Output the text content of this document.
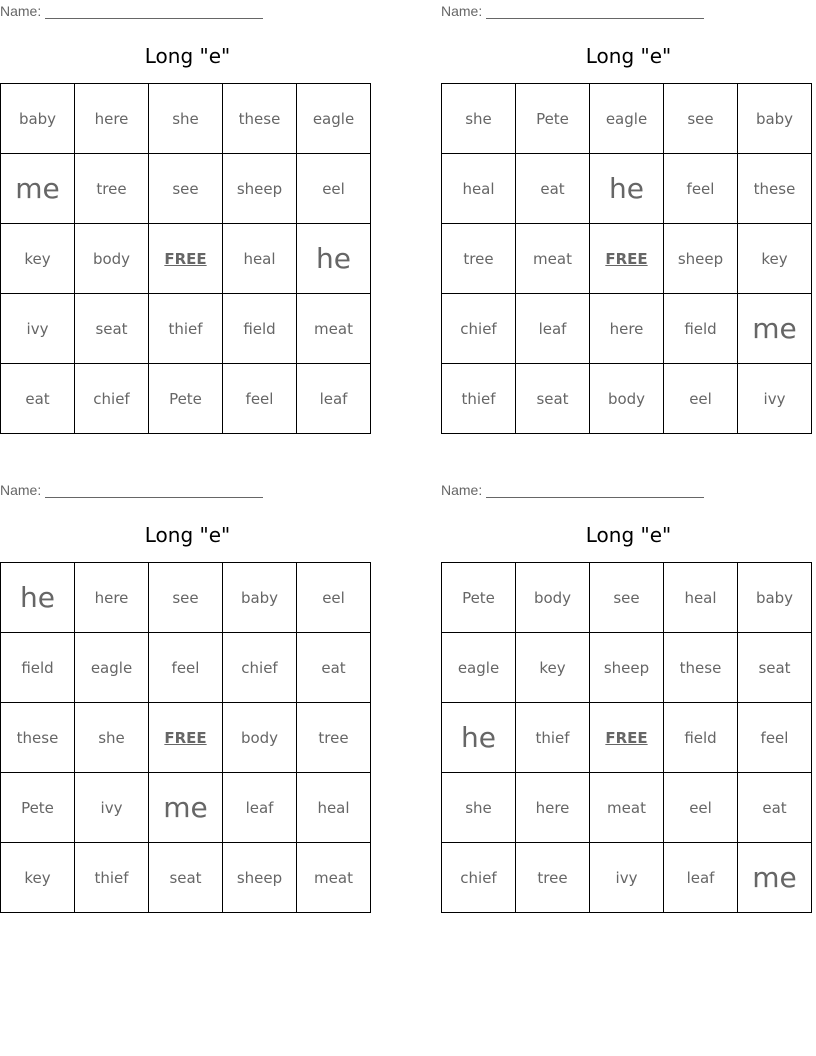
Name:
Long "e"
baby	here	she	these	eagle
me	tree	see	sheep	eel
key	body	FREE	heal	he
ivy	seat	thief	field	meat
eat	chief	Pete	feel	leaf
Name:
Long "e"
she	Pete	eagle	see	baby
heal	eat	he	feel	these
tree	meat	FREE	sheep	key
chief	leaf	here	field	me
thief	seat	body	eel	ivy
Name:
Long "e"
he	here	see	baby	eel
field	eagle	feel	chief	eat
these	she	FREE	body	tree
Pete	ivy	me	leaf	heal
key	thief	seat	sheep	meat
Name:
Long "e"
Pete	body	see	heal	baby
eagle	key	sheep	these	seat
he	thief	FREE	field	feel
she	here	meat	eel	eat
chief	tree	ivy	leaf	me
